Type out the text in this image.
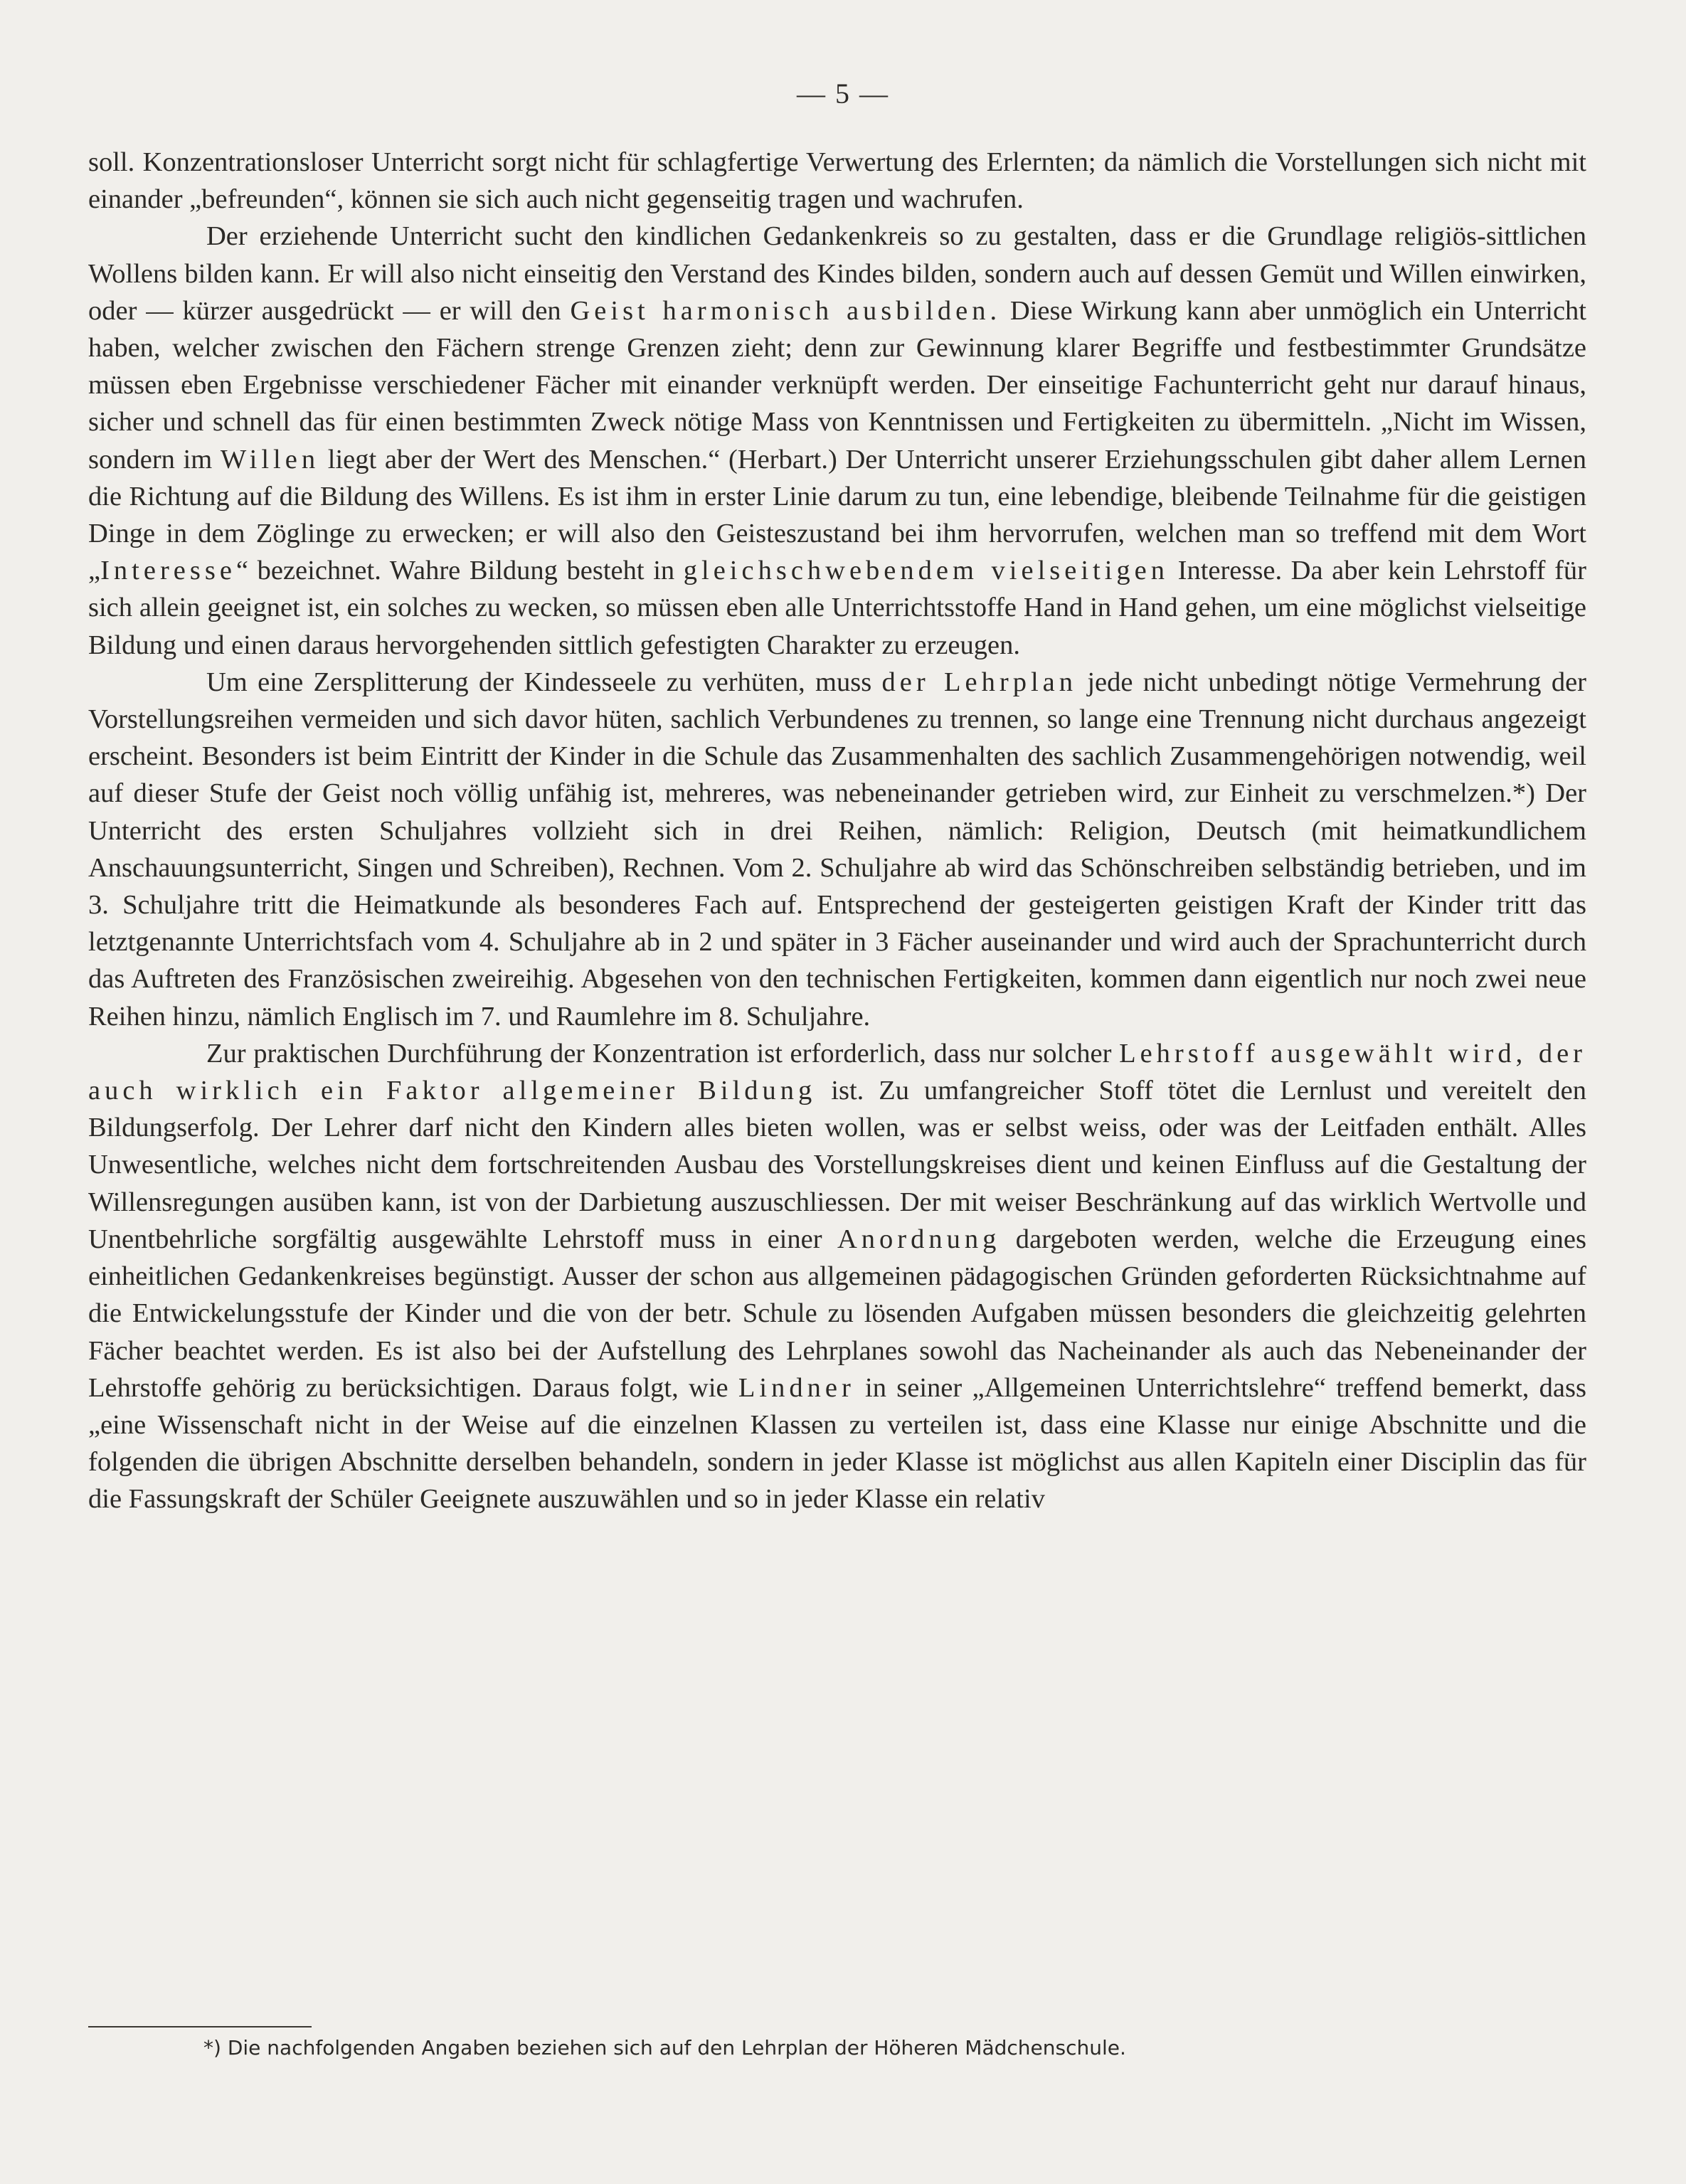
— 5 —

soll. Konzentrationsloser Unterricht sorgt nicht für schlagfertige Verwertung des Erlernten; da nämlich die Vorstellungen sich nicht mit einander „befreunden“, können sie sich auch nicht gegenseitig tragen und wachrufen.

Der erziehende Unterricht sucht den kindlichen Gedankenkreis so zu gestalten, dass er die Grundlage religiös-sittlichen Wollens bilden kann. Er will also nicht einseitig den Verstand des Kindes bilden, sondern auch auf dessen Gemüt und Willen einwirken, oder — kürzer ausgedrückt — er will den Geist harmonisch ausbilden. Diese Wirkung kann aber unmöglich ein Unterricht haben, welcher zwischen den Fächern strenge Grenzen zieht; denn zur Gewinnung klarer Begriffe und festbestimmter Grundsätze müssen eben Ergebnisse verschiedener Fächer mit einander verknüpft werden. Der einseitige Fachunterricht geht nur darauf hinaus, sicher und schnell das für einen bestimmten Zweck nötige Mass von Kenntnissen und Fertigkeiten zu übermitteln. „Nicht im Wissen, sondern im Willen liegt aber der Wert des Menschen.“ (Herbart.) Der Unterricht unserer Erziehungsschulen gibt daher allem Lernen die Richtung auf die Bildung des Willens. Es ist ihm in erster Linie darum zu tun, eine lebendige, bleibende Teilnahme für die geistigen Dinge in dem Zöglinge zu erwecken; er will also den Geisteszustand bei ihm hervorrufen, welchen man so treffend mit dem Wort „Interesse“ bezeichnet. Wahre Bildung besteht in gleichschwebendem vielseitigen Interesse. Da aber kein Lehrstoff für sich allein geeignet ist, ein solches zu wecken, so müssen eben alle Unterrichtsstoffe Hand in Hand gehen, um eine möglichst vielseitige Bildung und einen daraus hervorgehenden sittlich gefestigten Charakter zu erzeugen.

Um eine Zersplitterung der Kindesseele zu verhüten, muss der Lehrplan jede nicht unbedingt nötige Vermehrung der Vorstellungsreihen vermeiden und sich davor hüten, sachlich Verbundenes zu trennen, so lange eine Trennung nicht durchaus angezeigt erscheint. Besonders ist beim Eintritt der Kinder in die Schule das Zusammenhalten des sachlich Zusammengehörigen notwendig, weil auf dieser Stufe der Geist noch völlig unfähig ist, mehreres, was nebeneinander getrieben wird, zur Einheit zu verschmelzen.*) Der Unterricht des ersten Schuljahres vollzieht sich in drei Reihen, nämlich: Religion, Deutsch (mit heimatkundlichem Anschauungsunterricht, Singen und Schreiben), Rechnen. Vom 2. Schuljahre ab wird das Schönschreiben selbständig betrieben, und im 3. Schuljahre tritt die Heimatkunde als besonderes Fach auf. Entsprechend der gesteigerten geistigen Kraft der Kinder tritt das letztgenannte Unterrichtsfach vom 4. Schuljahre ab in 2 und später in 3 Fächer auseinander und wird auch der Sprachunterricht durch das Auftreten des Französischen zweireihig. Abgesehen von den technischen Fertigkeiten, kommen dann eigentlich nur noch zwei neue Reihen hinzu, nämlich Englisch im 7. und Raumlehre im 8. Schuljahre.

Zur praktischen Durchführung der Konzentration ist erforderlich, dass nur solcher Lehrstoff ausgewählt wird, der auch wirklich ein Faktor allgemeiner Bildung ist. Zu umfangreicher Stoff tötet die Lernlust und vereitelt den Bildungserfolg. Der Lehrer darf nicht den Kindern alles bieten wollen, was er selbst weiss, oder was der Leitfaden enthält. Alles Unwesentliche, welches nicht dem fortschreitenden Ausbau des Vorstellungskreises dient und keinen Einfluss auf die Gestaltung der Willensregungen ausüben kann, ist von der Darbietung auszuschliessen. Der mit weiser Beschränkung auf das wirklich Wertvolle und Unentbehrliche sorgfältig ausgewählte Lehrstoff muss in einer Anordnung dargeboten werden, welche die Erzeugung eines einheitlichen Gedankenkreises begünstigt. Ausser der schon aus allgemeinen pädagogischen Gründen geforderten Rücksichtnahme auf die Entwickelungsstufe der Kinder und die von der betr. Schule zu lösenden Aufgaben müssen besonders die gleichzeitig gelehrten Fächer beachtet werden. Es ist also bei der Aufstellung des Lehrplanes sowohl das Nacheinander als auch das Nebeneinander der Lehrstoffe gehörig zu berücksichtigen. Daraus folgt, wie Lindner in seiner „Allgemeinen Unterrichtslehre“ treffend bemerkt, dass „eine Wissenschaft nicht in der Weise auf die einzelnen Klassen zu verteilen ist, dass eine Klasse nur einige Abschnitte und die folgenden die übrigen Abschnitte derselben behandeln, sondern in jeder Klasse ist möglichst aus allen Kapiteln einer Disciplin das für die Fassungskraft der Schüler Geeignete auszuwählen und so in jeder Klasse ein relativ

*) Die nachfolgenden Angaben beziehen sich auf den Lehrplan der Höheren Mädchenschule.
